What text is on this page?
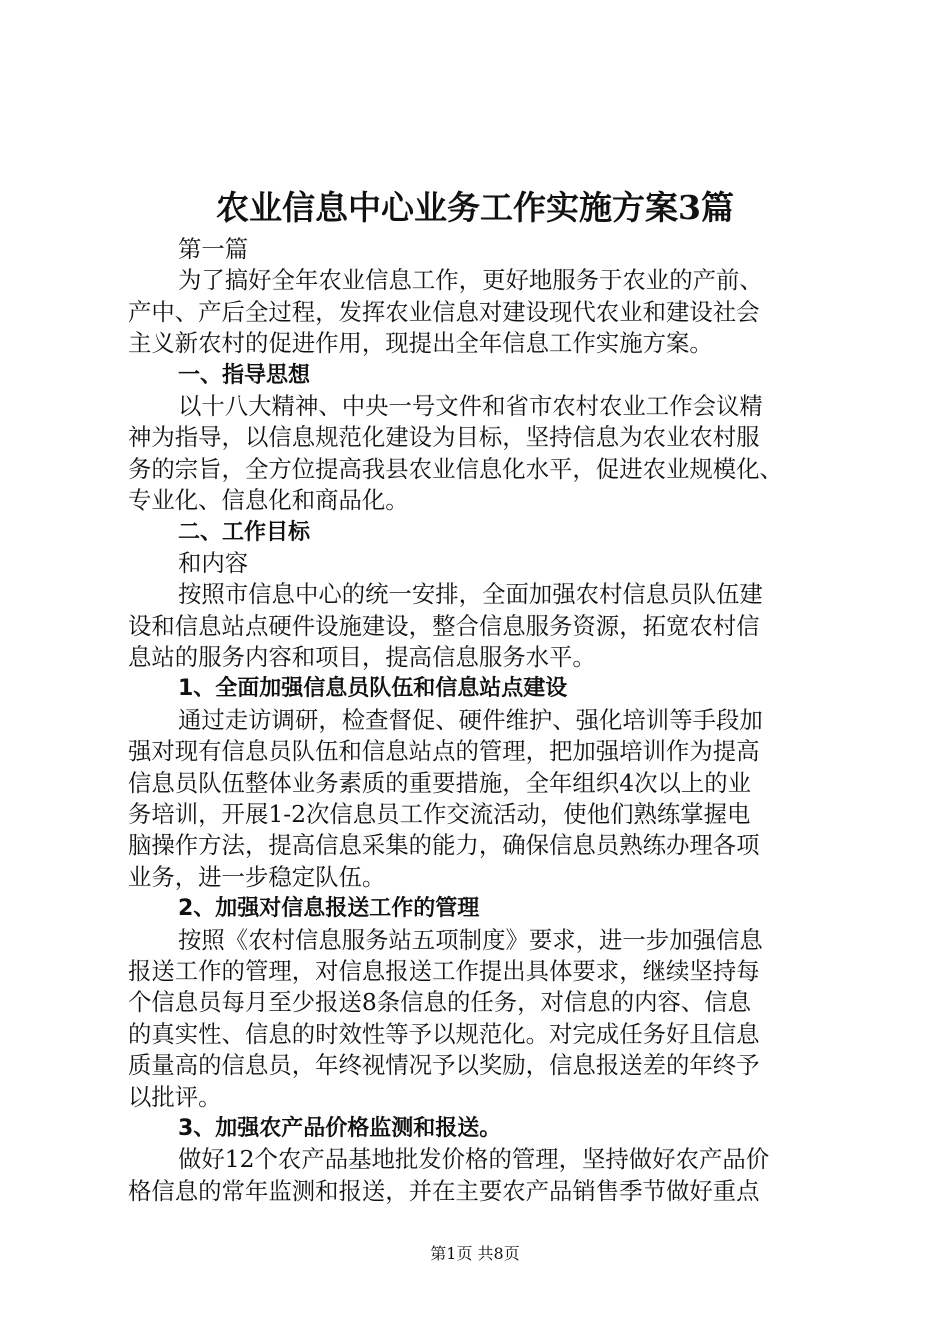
农业信息中心业务工作实施方案3篇
第一篇
为了搞好全年农业信息工作，更好地服务于农业的产前、
产中、产后全过程，发挥农业信息对建设现代农业和建设社会
主义新农村的促进作用，现提出全年信息工作实施方案。
一、指导思想
以十八大精神、中央一号文件和省市农村农业工作会议精
神为指导，以信息规范化建设为目标，坚持信息为农业农村服
务的宗旨，全方位提高我县农业信息化水平，促进农业规模化、
专业化、信息化和商品化。
二、工作目标
和内容
按照市信息中心的统一安排，全面加强农村信息员队伍建
设和信息站点硬件设施建设，整合信息服务资源，拓宽农村信
息站的服务内容和项目，提高信息服务水平。
1、全面加强信息员队伍和信息站点建设
通过走访调研，检查督促、硬件维护、强化培训等手段加
强对现有信息员队伍和信息站点的管理，把加强培训作为提高
信息员队伍整体业务素质的重要措施，全年组织4次以上的业
务培训，开展1-2次信息员工作交流活动，使他们熟练掌握电
脑操作方法，提高信息采集的能力，确保信息员熟练办理各项
业务，进一步稳定队伍。
2、加强对信息报送工作的管理
按照《农村信息服务站五项制度》要求，进一步加强信息
报送工作的管理，对信息报送工作提出具体要求，继续坚持每
个信息员每月至少报送8条信息的任务，对信息的内容、信息
的真实性、信息的时效性等予以规范化。对完成任务好且信息
质量高的信息员，年终视情况予以奖励，信息报送差的年终予
以批评。
3、加强农产品价格监测和报送。
做好12个农产品基地批发价格的管理，坚持做好农产品价
格信息的常年监测和报送，并在主要农产品销售季节做好重点
第1页 共8页
